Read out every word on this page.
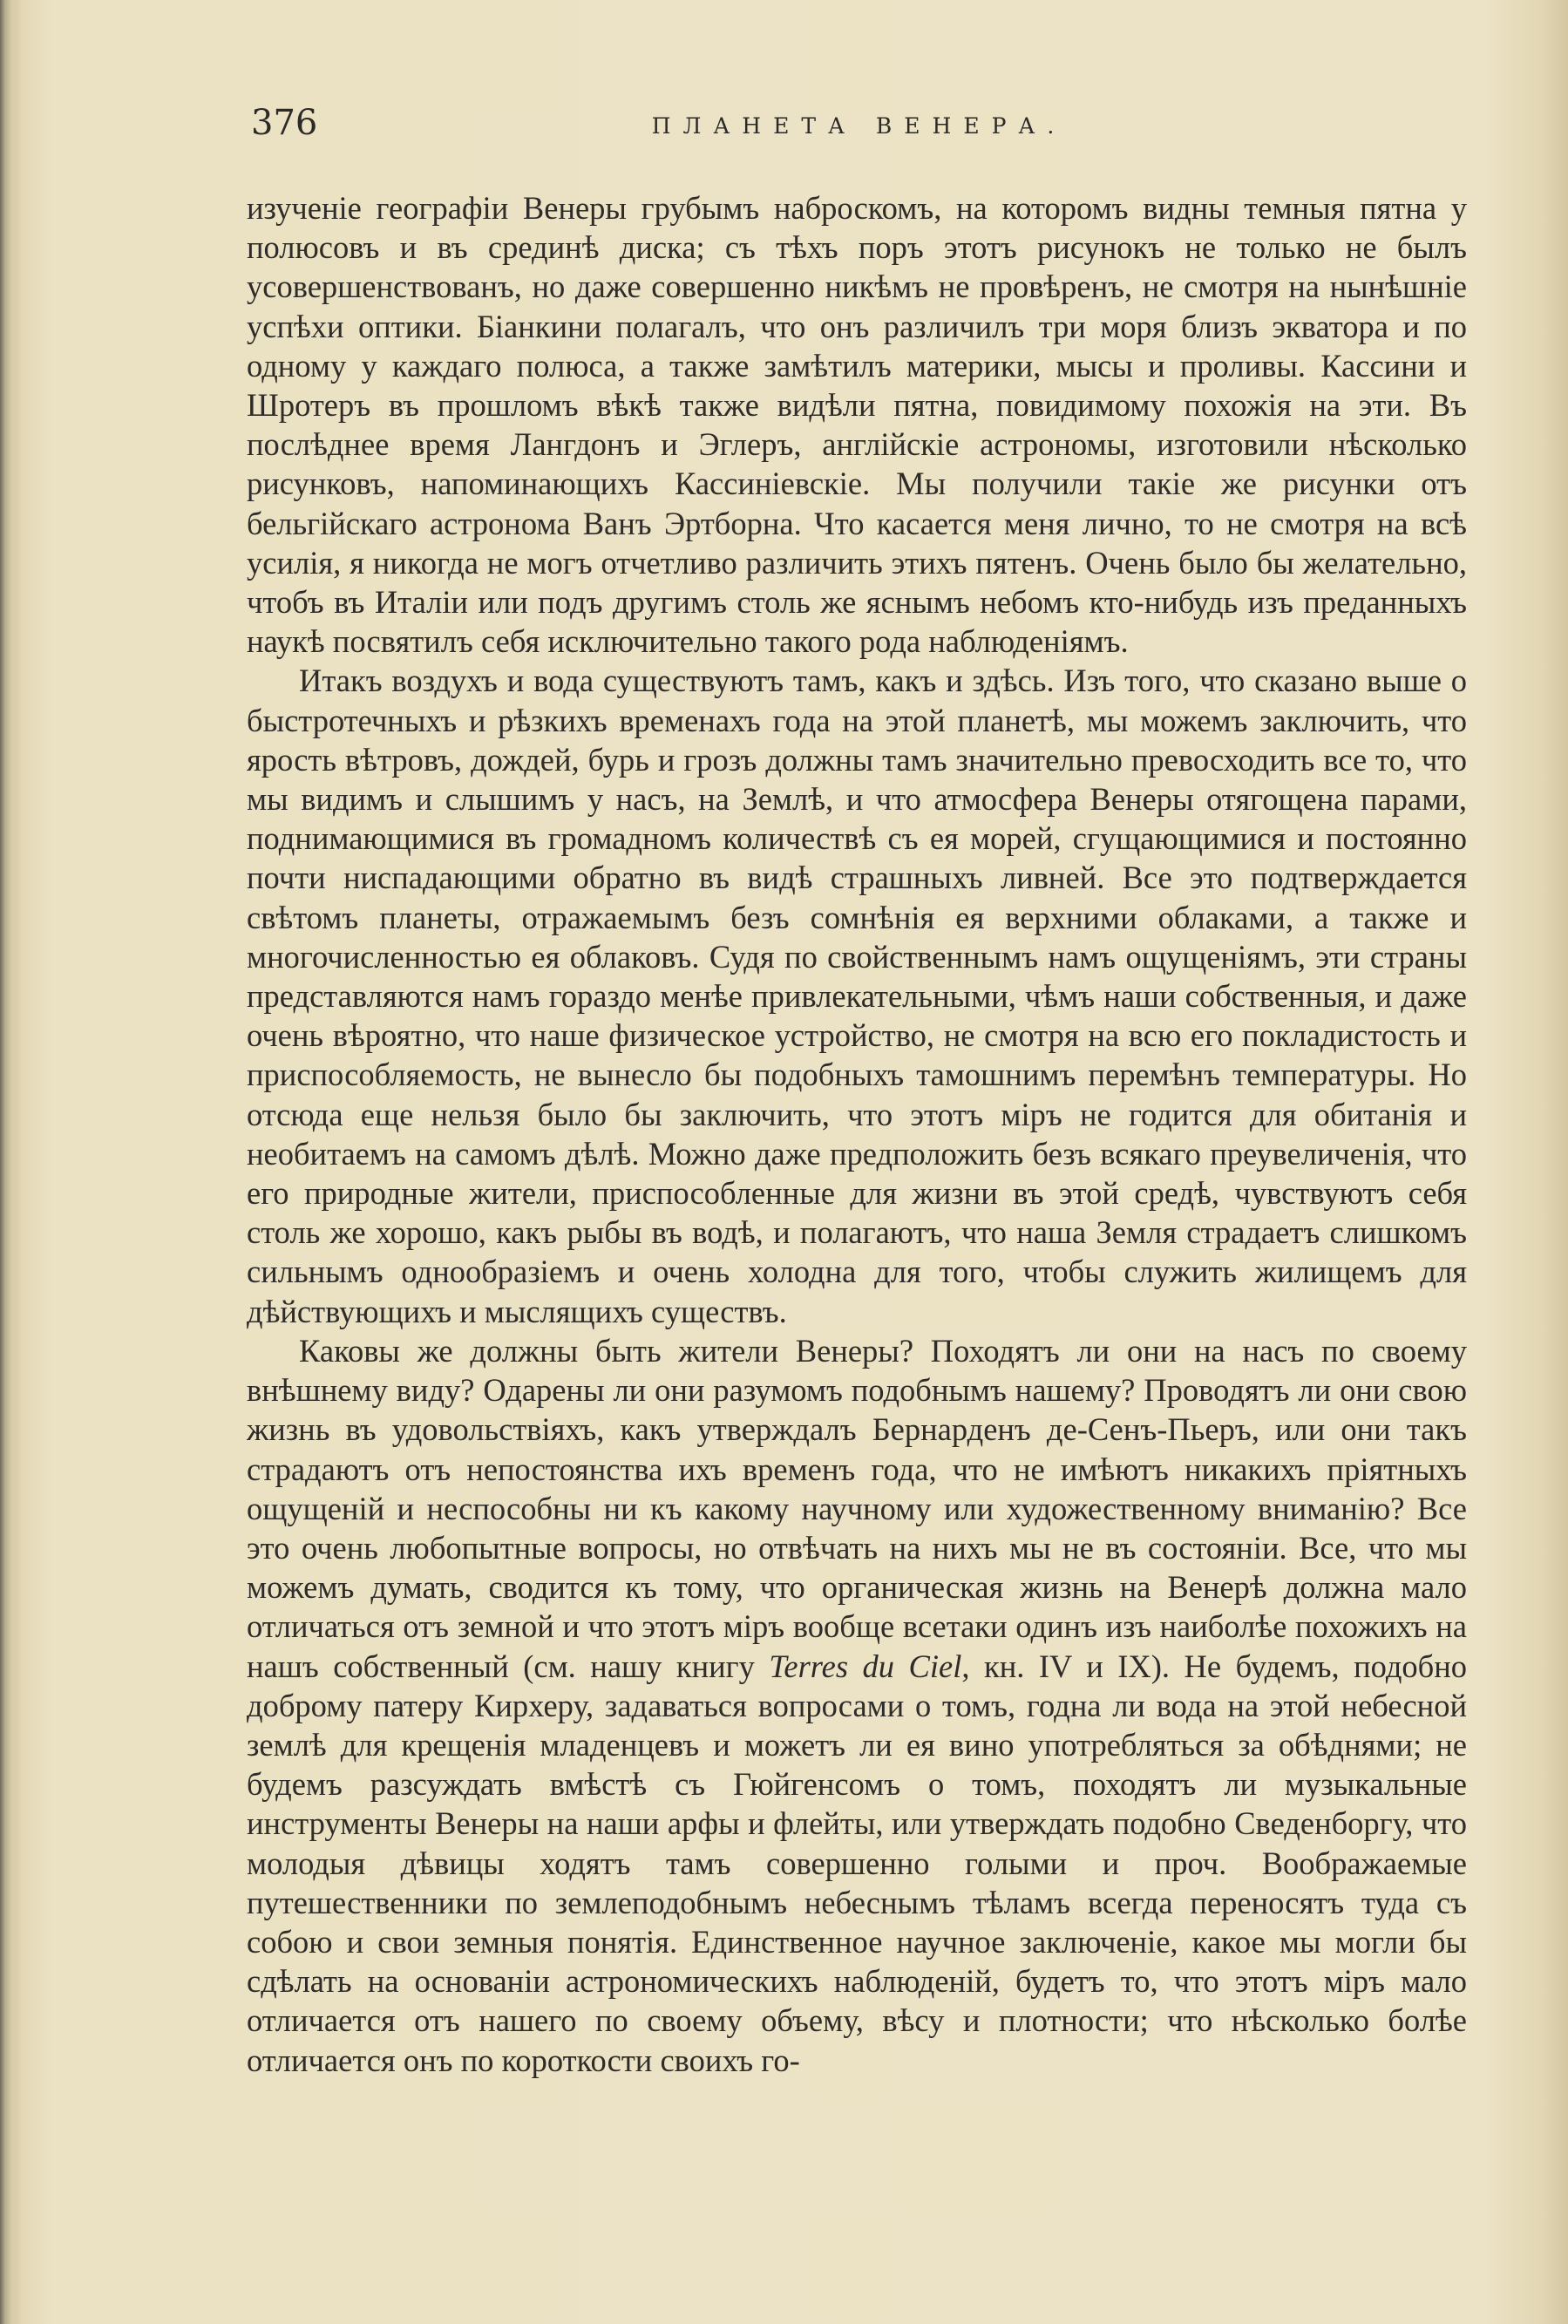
376	ПЛАНЕТА ВЕНЕРА.

изученіе географіи Венеры грубымъ наброскомъ, на которомъ видны темныя пятна у полюсовъ и въ срединѣ диска; съ тѣхъ поръ этотъ рисунокъ не только не былъ усовершенствованъ, но даже совершенно никѣмъ не провѣренъ, не смотря на нынѣшніе успѣхи оптики. Біанкини полагалъ, что онъ различилъ три моря близъ экватора и по одному у каждаго полюса, а также замѣтилъ материки, мысы и проливы. Кассини и Шротеръ въ прошломъ вѣкѣ также видѣли пятна, повидимому похожія на эти. Въ послѣднее время Лангдонъ и Эглеръ, англійскіе астрономы, изготовили нѣсколько рисунковъ, напоминающихъ Кассиніевскіе. Мы получили такіе же рисунки отъ бельгійскаго астронома Ванъ Эртборна. Что касается меня лично, то не смотря на всѣ усилія, я никогда не могъ отчетливо различить этихъ пятенъ. Очень было бы желательно, чтобъ въ Италіи или подъ другимъ столь же яснымъ небомъ кто-нибудь изъ преданныхъ наукѣ посвятилъ себя исключительно такого рода наблюденіямъ.

Итакъ воздухъ и вода существуютъ тамъ, какъ и здѣсь. Изъ того, что сказано выше о быстротечныхъ и рѣзкихъ временахъ года на этой планетѣ, мы можемъ заключить, что ярость вѣтровъ, дождей, бурь и грозъ должны тамъ значительно превосходить все то, что мы видимъ и слышимъ у насъ, на Землѣ, и что атмосфера Венеры отягощена парами, поднимающимися въ громадномъ количествѣ съ ея морей, сгущающимися и постоянно почти ниспадающими обратно въ видѣ страшныхъ ливней. Все это подтверждается свѣтомъ планеты, отражаемымъ безъ сомнѣнія ея верхними облаками, а также и многочисленностью ея облаковъ. Судя по свойственнымъ намъ ощущеніямъ, эти страны представляются намъ гораздо менѣе привлекательными, чѣмъ наши собственныя, и даже очень вѣроятно, что наше физическое устройство, не смотря на всю его покладистость и приспособляемость, не вынесло бы подобныхъ тамошнимъ перемѣнъ температуры. Но отсюда еще нельзя было бы заключить, что этотъ міръ не годится для обитанія и необитаемъ на самомъ дѣлѣ. Можно даже предположить безъ всякаго преувеличенія, что его природные жители, приспособленные для жизни въ этой средѣ, чувствуютъ себя столь же хорошо, какъ рыбы въ водѣ, и полагаютъ, что наша Земля страдаетъ слишкомъ сильнымъ однообразіемъ и очень холодна для того, чтобы служить жилищемъ для дѣйствующихъ и мыслящихъ существъ.

Каковы же должны быть жители Венеры? Походятъ ли они на насъ по своему внѣшнему виду? Одарены ли они разумомъ подобнымъ нашему? Проводятъ ли они свою жизнь въ удовольствіяхъ, какъ утверждалъ Бернарденъ де-Сенъ-Пьеръ, или они такъ страдаютъ отъ непостоянства ихъ временъ года, что не имѣютъ никакихъ пріятныхъ ощущеній и неспособны ни къ какому научному или художественному вниманію? Все это очень любопытные вопросы, но отвѣчать на нихъ мы не въ состояніи. Все, что мы можемъ думать, сводится къ тому, что органическая жизнь на Венерѣ должна мало отличаться отъ земной и что этотъ міръ вообще всетаки одинъ изъ наиболѣе похожихъ на нашъ собственный (см. нашу книгу Terres du Ciel, кн. IV и IX). Не будемъ, подобно доброму патеру Кирхеру, задаваться вопросами о томъ, годна ли вода на этой небесной землѣ для крещенія младенцевъ и можетъ ли ея вино употребляться за обѣднями; не будемъ разсуждать вмѣстѣ съ Гюйгенсомъ о томъ, походятъ ли музыкальные инструменты Венеры на наши арфы и флейты, или утверждать подобно Сведенборгу, что молодыя дѣвицы ходятъ тамъ совершенно голыми и проч. Воображаемые путешественники по землеподобнымъ небеснымъ тѣламъ всегда переносятъ туда съ собою и свои земныя понятія. Единственное научное заключеніе, какое мы могли бы сдѣлать на основаніи астрономическихъ наблюденій, будетъ то, что этотъ міръ мало отличается отъ нашего по своему объему, вѣсу и плотности; что нѣсколько болѣе отличается онъ по короткости своихъ го-
